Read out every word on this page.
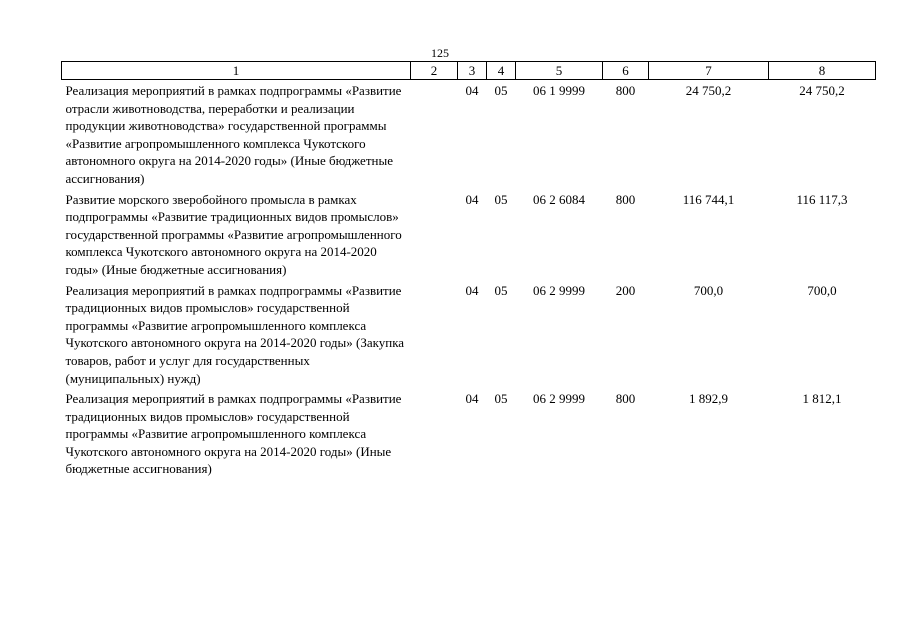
125
1	2	3	4	5	6	7	8
Реализация мероприятий в рамках подпрограммы «Развитие отрасли животноводства, переработки и реализации продукции животноводства» государственной программы «Развитие агропромышленного комплекса Чукотского автономного округа на 2014-2020 годы» (Иные бюджетные ассигнования)		04	05	06 1 9999	800	24 750,2	24 750,2
Развитие морского зверобойного промысла в рамках подпрограммы «Развитие традиционных видов промыслов» государственной программы «Развитие агропромышленного комплекса Чукотского автономного округа на 2014-2020 годы» (Иные бюджетные ассигнования)		04	05	06 2 6084	800	116 744,1	116 117,3
Реализация мероприятий в рамках подпрограммы «Развитие традиционных видов промыслов» государственной программы «Развитие агропромышленного комплекса Чукотского автономного округа на 2014-2020 годы» (Закупка товаров, работ и услуг для государственных (муниципальных) нужд)		04	05	06 2 9999	200	700,0	700,0
Реализация мероприятий в рамках подпрограммы «Развитие традиционных видов промыслов» государственной программы «Развитие агропромышленного комплекса Чукотского автономного округа на 2014-2020 годы» (Иные бюджетные ассигнования)		04	05	06 2 9999	800	1 892,9	1 812,1
